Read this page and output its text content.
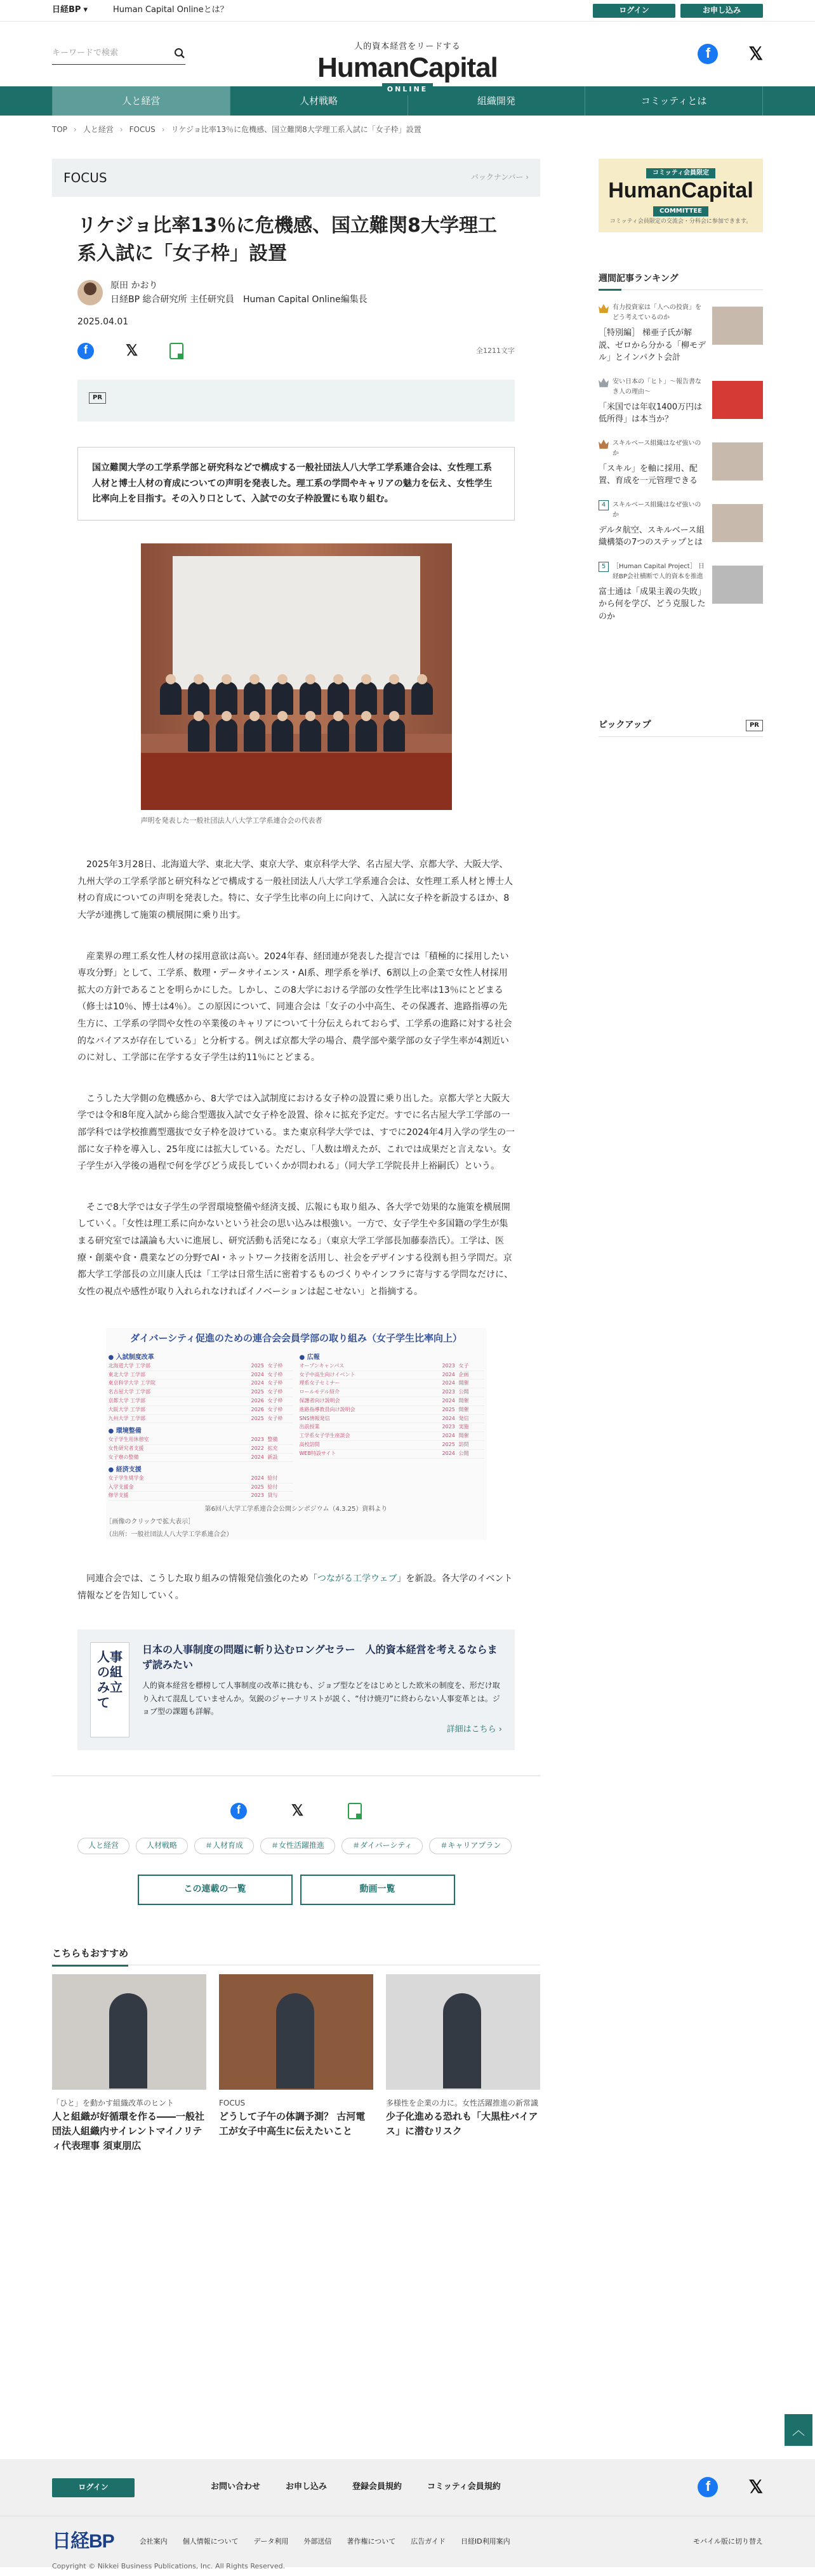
日経BP ▾	Human Capital Onlineとは？	ログイン	お申し込み
キーワードで検索
人的資本経営をリードする
HumanCapital
ONLINE
f	𝕏
人と経営	人材戦略	組織開発	コミッティとは
TOP › 人と経営 › FOCUS › リケジョ比率13％に危機感、国立難関8大学理工系入試に「女子枠」設置
FOCUS	バックナンバー ›
リケジョ比率13％に危機感、国立難関8大学理工系入試に「女子枠」設置
原田 かおり
日経BP 総合研究所 主任研究員　Human Capital Online編集長
2025.04.01
f	𝕏	全1211文字
PR
国立難関大学の工学系学部と研究科などで構成する一般社団法人八大学工学系連合会は、女性理工系人材と博士人材の育成についての声明を発表した。理工系の学問やキャリアの魅力を伝え、女性学生比率向上を目指す。その入り口として、入試での女子枠設置にも取り組む。
声明を発表した一般社団法人八大学工学系連合会の代表者

2025年3月28日、北海道大学、東北大学、東京大学、東京科学大学、名古屋大学、京都大学、大阪大学、九州大学の工学系学部と研究科などで構成する一般社団法人八大学工学系連合会は、女性理工系人材と博士人材の育成についての声明を発表した。特に、女子学生比率の向上に向けて、入試に女子枠を新設するほか、8大学が連携して施策の横展開に乗り出す。

産業界の理工系女性人材の採用意欲は高い。2024年春、経団連が発表した提言では「積極的に採用したい専攻分野」として、工学系、数理・データサイエンス・AI系、理学系を挙げ、6割以上の企業で女性人材採用拡大の方針であることを明らかにした。しかし、この8大学における学部の女性学生比率は13％にとどまる（修士は10％、博士は4％）。この原因について、同連合会は「女子の小中高生、その保護者、進路指導の先生方に、工学系の学問や女性の卒業後のキャリアについて十分伝えられておらず、工学系の進路に対する社会的なバイアスが存在している」と分析する。例えば京都大学の場合、農学部や薬学部の女子学生率が4割近いのに対し、工学部に在学する女子学生は約11％にとどまる。

こうした大学側の危機感から、8大学では入試制度における女子枠の設置に乗り出した。京都大学と大阪大学では令和8年度入試から総合型選抜入試で女子枠を設置、徐々に拡充予定だ。すでに名古屋大学工学部の一部学科では学校推薦型選抜で女子枠を設けている。また東京科学大学では、すでに2024年4月入学の学生の一部に女子枠を導入し、25年度には拡大している。ただし、「人数は増えたが、これでは成果だと言えない。女子学生が入学後の過程で何を学びどう成長していくかが問われる」（同大学工学院長井上裕嗣氏）という。

そこで8大学では女子学生の学習環境整備や経済支援、広報にも取り組み、各大学で効果的な施策を横展開していく。「女性は理工系に向かないという社会の思い込みは根強い。一方で、女子学生や多国籍の学生が集まる研究室では議論も大いに進展し、研究活動も活発になる」（東京大学工学部長加藤泰浩氏）。工学は、医療・創薬や食・農業などの分野でAI・ネットワーク技術を活用し、社会をデザインする役割も担う学問だ。京都大学工学部長の立川康人氏は「工学は日常生活に密着するものづくりやインフラに寄与する学問なだけに、女性の視点や感性が取り入れられなければイノベーションは起こせない」と指摘する。

ダイバーシティ促進のための連合会会員学部の取り組み（女子学生比率向上）
● 入試制度改革
北海道大学 工学部	2025 女子枠
東北大学 工学部	2024 女子枠
東京科学大学 工学院	2024 女子枠
名古屋大学 工学部	2025 女子枠
京都大学 工学部	2026 女子枠
大阪大学 工学部	2026 女子枠
九州大学 工学部	2025 女子枠
● 環境整備
女子学生用休憩室	2023 整備
女性研究者支援	2022 拡充
女子寮の整備	2024 新設
● 経済支援
女子学生奨学金	2024 給付
入学支援金	2025 給付
修学支援	2023 貸与
● 広報
オープンキャンパス	2023 女子
女子中高生向けイベント	2024 企画
理系女子セミナー	2024 開催
ロールモデル紹介	2023 公開
保護者向け説明会	2024 開催
進路指導教員向け説明会	2025 開催
SNS情報発信	2024 発信
出前授業	2023 実施
工学系女子学生座談会	2024 開催
高校訪問	2025 訪問
WEB特設サイト	2024 公開
第6回八大学工学系連合会公開シンポジウム（4.3.25）資料より
［画像のクリックで拡大表示］
（出所：一般社団法人八大学工学系連合会）

同連合会では、こうした取り組みの情報発信強化のため「つながる工学ウェブ」を新設。各大学のイベント情報などを告知していく。

人事の組み立て
日本の人事制度の問題に斬り込むロングセラー　人的資本経営を考えるならまず読みたい
人的資本経営を標榜して人事制度の改革に挑むも、ジョブ型などをはじめとした欧米の制度を、形だけ取り入れて混乱していませんか。気鋭のジャーナリストが説く、“付け焼刃”に終わらない人事変革とは。ジョブ型の課題も詳解。
詳細はこちら ›
f	𝕏
人と経営	人材戦略	＃人材育成	＃女性活躍推進	＃ダイバーシティ	＃キャリアプラン
この連載の一覧	動画一覧
こちらもおすすめ
「ひと」を動かす組織改革のヒント
人と組織が好循環を作る――一般社団法人組織内サイレントマイノリティ代表理事 須東朋広
FOCUS
どうして子午の体調予測？ 古河電工が女子中高生に伝えたいこと
多様性を企業の力に。女性活躍推進の新常識
少子化進める恐れも「大黒柱バイアス」に潜むリスク
コミッティ会員限定
HumanCapital
COMMITTEE
コミッティ会員限定の交流会・分科会に参加できます。
週間記事ランキング
有力投資家は「人への投資」をどう考えているのか
［特別編］ 梯亜子氏が解説、ゼロから分かる「柳モデル」とインパクト会計
安い日本の「ヒト」～報告書なき人の理由～
「米国では年収1400万円は低所得」は本当か？
スキルベース組織はなぜ強いのか
「スキル」を軸に採用、配置、育成を一元管理できる
4	スキルベース組織はなぜ強いのか
デルタ航空、スキルベース組織構築の7つのステップとは
5	［Human Capital Project］ 日経BP会社横断で人的資本を推進
富士通は「成果主義の失敗」から何を学び、どう克服したのか
ピックアップ	PR
︿
ログイン	お問い合わせ	お申し込み	登録会員規約	コミッティ会員規約	f	𝕏
日経BP	会社案内 個人情報について データ利用 外部送信 著作権について 広告ガイド 日経ID利用案内	モバイル版に切り替え
Copyright © Nikkei Business Publications, Inc. All Rights Reserved.
